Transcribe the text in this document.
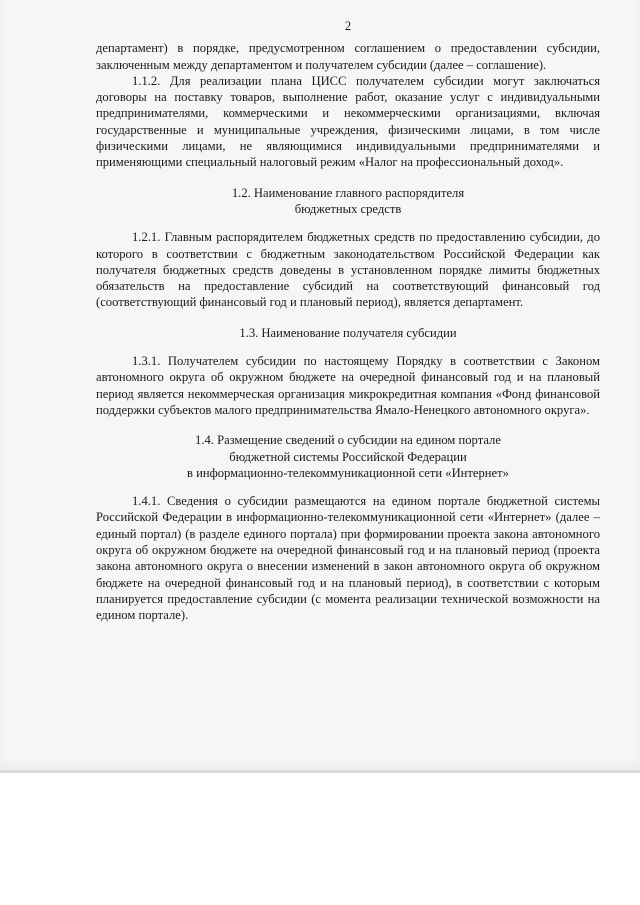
2

департамент) в порядке, предусмотренном соглашением о предоставлении субсидии, заключенным между департаментом и получателем субсидии (далее – соглашение).

1.1.2. Для реализации плана ЦИСС получателем субсидии могут заключаться договоры на поставку товаров, выполнение работ, оказание услуг с индивидуальными предпринимателями, коммерческими и некоммерческими организациями, включая государственные и муниципальные учреждения, физическими лицами, в том числе физическими лицами, не являющимися индивидуальными предпринимателями и применяющими специальный налоговый режим «Налог на профессиональный доход».

1.2. Наименование главного распорядителя
бюджетных средств

1.2.1. Главным распорядителем бюджетных средств по предоставлению субсидии, до которого в соответствии с бюджетным законодательством Российской Федерации как получателя бюджетных средств доведены в установленном порядке лимиты бюджетных обязательств на предоставление субсидий на соответствующий финансовый год (соответствующий финансовый год и плановый период), является департамент.

1.3. Наименование получателя субсидии

1.3.1. Получателем субсидии по настоящему Порядку в соответствии с Законом автономного округа об окружном бюджете на очередной финансовый год и на плановый период является некоммерческая организация микрокредитная компания «Фонд финансовой поддержки субъектов малого предпринимательства Ямало-Ненецкого автономного округа».

1.4. Размещение сведений о субсидии на едином портале
бюджетной системы Российской Федерации
в информационно-телекоммуникационной сети «Интернет»

1.4.1. Сведения о субсидии размещаются на едином портале бюджетной системы Российской Федерации в информационно-телекоммуникационной сети «Интернет» (далее – единый портал) (в разделе единого портала) при формировании проекта закона автономного округа об окружном бюджете на очередной финансовый год и на плановый период (проекта закона автономного округа о внесении изменений в закон автономного округа об окружном бюджете на очередной финансовый год и на плановый период), в соответствии с которым планируется предоставление субсидии (с момента реализации технической возможности на едином портале).
